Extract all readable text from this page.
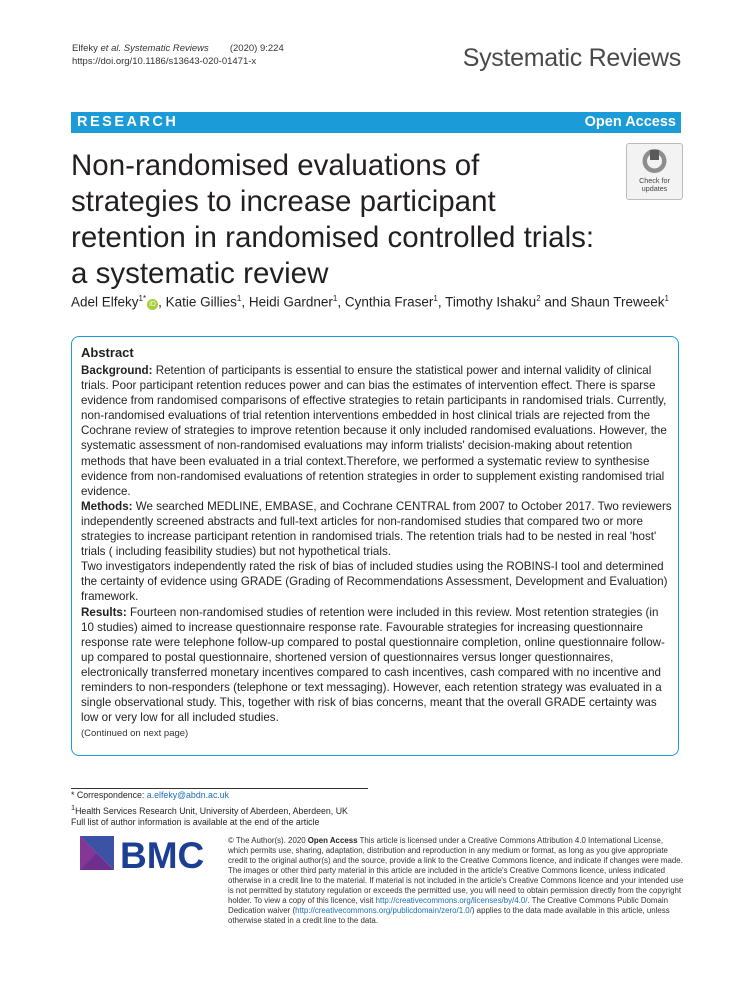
Elfeky et al. Systematic Reviews        (2020) 9:224
https://doi.org/10.1186/s13643-020-01471-x	Systematic Reviews
RESEARCH	Open Access
Non-randomised evaluations of strategies to increase participant retention in randomised controlled trials: a systematic review
Check for
updates
Adel Elfeky$^{1*}$iD , Katie Gillies$^1$, Heidi Gardner$^1$, Cynthia Fraser$^1$, Timothy Ishaku$^2$ and Shaun Treweek$^1$
Abstract

Background: Retention of participants is essential to ensure the statistical power and internal validity of clinical trials. Poor participant retention reduces power and can bias the estimates of intervention effect. There is sparse evidence from randomised comparisons of effective strategies to retain participants in randomised trials. Currently, non-randomised evaluations of trial retention interventions embedded in host clinical trials are rejected from the Cochrane review of strategies to improve retention because it only included randomised evaluations. However, the systematic assessment of non-randomised evaluations may inform trialists' decision-making about retention methods that have been evaluated in a trial context.Therefore, we performed a systematic review to synthesise evidence from non-randomised evaluations of retention strategies in order to supplement existing randomised trial evidence.

Methods: We searched MEDLINE, EMBASE, and Cochrane CENTRAL from 2007 to October 2017. Two reviewers independently screened abstracts and full-text articles for non-randomised studies that compared two or more strategies to increase participant retention in randomised trials. The retention trials had to be nested in real 'host' trials ( including feasibility studies) but not hypothetical trials.

Two investigators independently rated the risk of bias of included studies using the ROBINS-I tool and determined the certainty of evidence using GRADE (Grading of Recommendations Assessment, Development and Evaluation) framework.

Results: Fourteen non-randomised studies of retention were included in this review. Most retention strategies (in 10 studies) aimed to increase questionnaire response rate. Favourable strategies for increasing questionnaire response rate were telephone follow-up compared to postal questionnaire completion, online questionnaire follow-up compared to postal questionnaire, shortened version of questionnaires versus longer questionnaires, electronically transferred monetary incentives compared to cash incentives, cash compared with no incentive and reminders to non-responders (telephone or text messaging). However, each retention strategy was evaluated in a single observational study. This, together with risk of bias concerns, meant that the overall GRADE certainty was low or very low for all included studies.

(Continued on next page)
* Correspondence: a.elfeky@abdn.ac.uk
$^1$Health Services Research Unit, University of Aberdeen, Aberdeen, UK
Full list of author information is available at the end of the article
BMC	© The Author(s). 2020 Open Access This article is licensed under a Creative Commons Attribution 4.0 International License, which permits use, sharing, adaptation, distribution and reproduction in any medium or format, as long as you give appropriate credit to the original author(s) and the source, provide a link to the Creative Commons licence, and indicate if changes were made. The images or other third party material in this article are included in the article's Creative Commons licence, unless indicated otherwise in a credit line to the material. If material is not included in the article's Creative Commons licence and your intended use is not permitted by statutory regulation or exceeds the permitted use, you will need to obtain permission directly from the copyright holder. To view a copy of this licence, visit http://creativecommons.org/licenses/by/4.0/. The Creative Commons Public Domain Dedication waiver (http://creativecommons.org/publicdomain/zero/1.0/) applies to the data made available in this article, unless otherwise stated in a credit line to the data.
